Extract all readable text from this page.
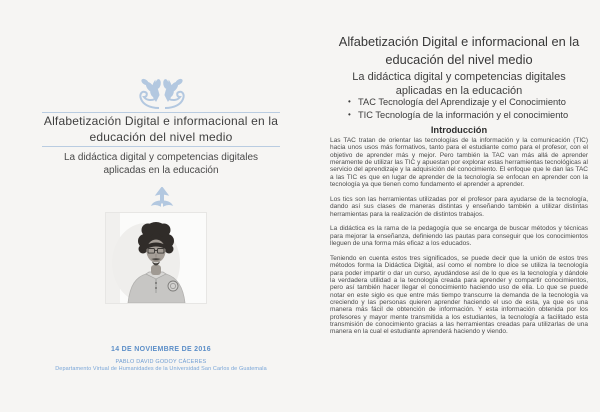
Alfabetización Digital e informacional en la educación del nivel medio
La didáctica digital y competencias digitales aplicadas en la educación
14 DE NOVIEMBRE DE 2016
PABLO DAVID GODOY CÁCERES
Departamento Virtual de Humanidades de la Universidad San Carlos de Guatemala
Alfabetización Digital e informacional en la educación del nivel medio
La didáctica digital y competencias digitales aplicadas en la educación
• TAC Tecnología del Aprendizaje y el Conocimiento
• TIC Tecnología de la información y el conocimiento
Introducción

Las TAC tratan de orientar las tecnologías de la información y la comunicación (TIC) hacia unos usos más formativos, tanto para el estudiante como para el profesor, con el objetivo de aprender más y mejor. Pero también la TAC van más allá de aprender meramente de utilizar las TIC y apuestan por explorar estas herramientas tecnológicas al servicio del aprendizaje y la adquisición del conocimiento. El enfoque que le dan las TAC a las TIC es que en lugar de aprender de la tecnología se enfocan en aprender con la tecnología ya que tienen como fundamento el aprender a aprender.

Los tics son las herramientas utilizadas por el profesor para ayudarse de la tecnología, dando así sus clases de maneras distintas y enseñando también a utilizar distintas herramientas para la realización de distintos trabajos.

La didáctica es la rama de la pedagogía que se encarga de buscar métodos y técnicas para mejorar la enseñanza, definiendo las pautas para conseguir que los conocimientos lleguen de una forma más eficaz a los educados.

Teniendo en cuenta estos tres significados, se puede decir que la unión de estos tres métodos forma la Didáctica Digital, así como el nombre lo dice se utiliza la tecnología para poder impartir o dar un curso, ayudándose así de lo que es la tecnología y dándole la verdadera utilidad a la tecnología creada para aprender y compartir conocimientos, pero así también hacer llegar el conocimiento haciendo uso de ella. Lo que se puede notar en este siglo es que entre más tiempo transcurre la demanda de la tecnología va creciendo y las personas quieren aprender haciendo el uso de esta, ya que es una manera más fácil de obtención de información. Y esta información obtenida por los profesores y mayor mente transmitida a los estudiantes, la tecnología a facilitado esta transmisión de conocimiento gracias a las herramientas creadas para utilizarlas de una manera en la cual el estudiante aprenderá haciendo y viendo.
